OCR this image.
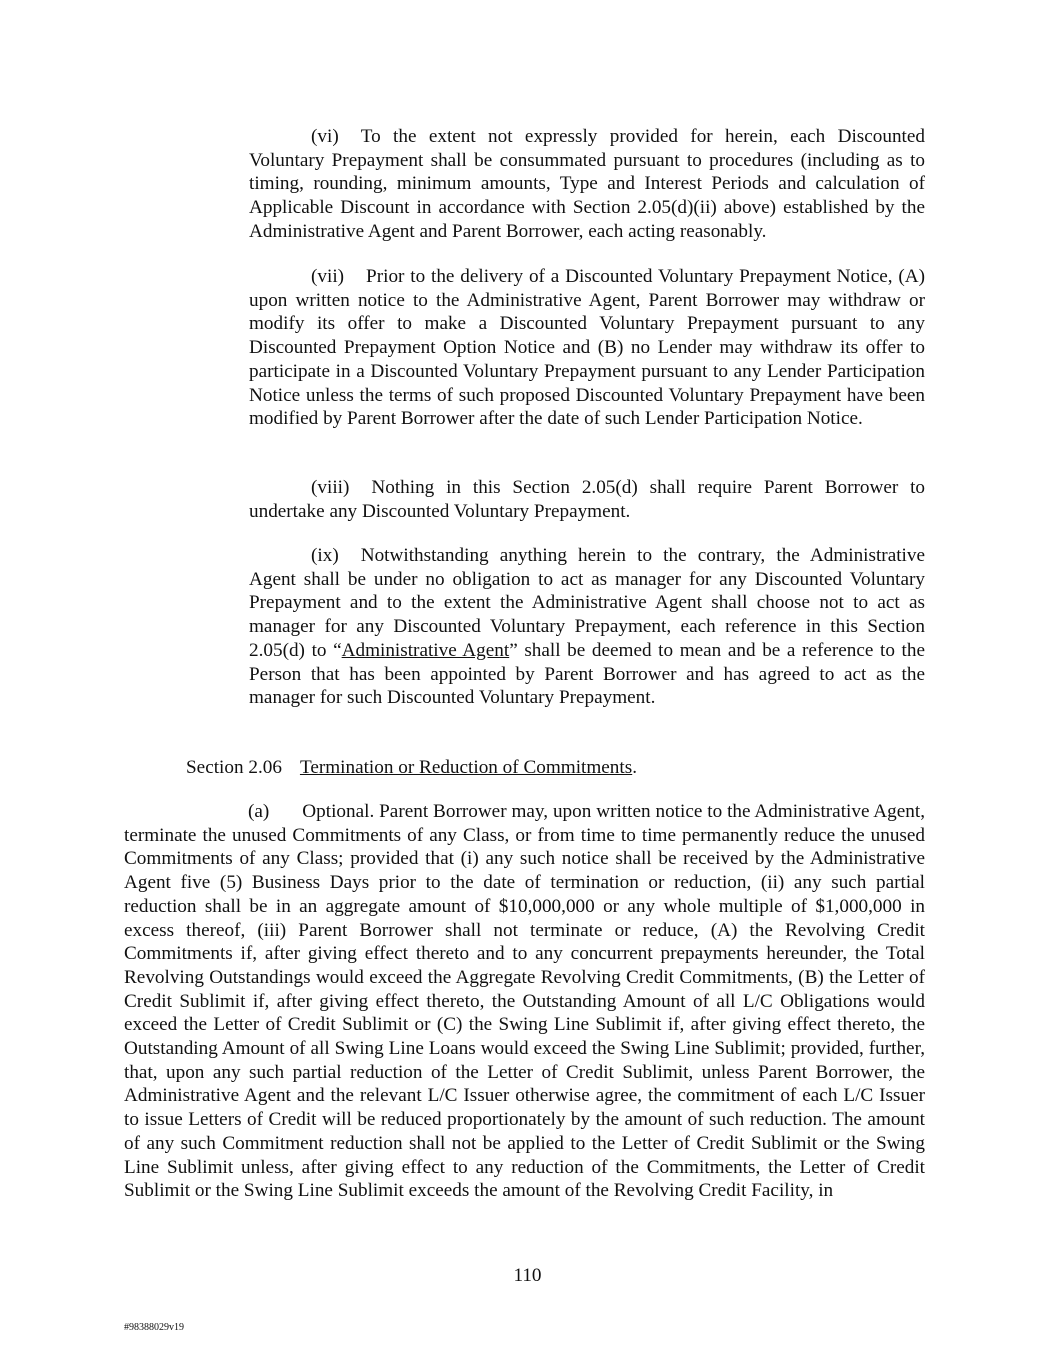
(vi) To the extent not expressly provided for herein, each Discounted Voluntary Prepayment shall be consummated pursuant to procedures (including as to timing, rounding, minimum amounts, Type and Interest Periods and calculation of Applicable Discount in accordance with Section 2.05(d)(ii) above) established by the Administrative Agent and Parent Borrower, each acting reasonably.

(vii) Prior to the delivery of a Discounted Voluntary Prepayment Notice, (A) upon written notice to the Administrative Agent, Parent Borrower may withdraw or modify its offer to make a Discounted Voluntary Prepayment pursuant to any Discounted Prepayment Option Notice and (B) no Lender may withdraw its offer to participate in a Discounted Voluntary Prepayment pursuant to any Lender Participation Notice unless the terms of such proposed Discounted Voluntary Prepayment have been modified by Parent Borrower after the date of such Lender Participation Notice.

(viii) Nothing in this Section 2.05(d) shall require Parent Borrower to undertake any Discounted Voluntary Prepayment.

(ix) Notwithstanding anything herein to the contrary, the Administrative Agent shall be under no obligation to act as manager for any Discounted Voluntary Prepayment and to the extent the Administrative Agent shall choose not to act as manager for any Discounted Voluntary Prepayment, each reference in this Section 2.05(d) to “Administrative Agent” shall be deemed to mean and be a reference to the Person that has been appointed by Parent Borrower and has agreed to act as the manager for such Discounted Voluntary Prepayment.

Section 2.06 Termination or Reduction of Commitments.

(a) Optional. Parent Borrower may, upon written notice to the Administrative Agent, terminate the unused Commitments of any Class, or from time to time permanently reduce the unused Commitments of any Class; provided that (i) any such notice shall be received by the Administrative Agent five (5) Business Days prior to the date of termination or reduction, (ii) any such partial reduction shall be in an aggregate amount of $10,000,000 or any whole multiple of $1,000,000 in excess thereof, (iii) Parent Borrower shall not terminate or reduce, (A) the Revolving Credit Commitments if, after giving effect thereto and to any concurrent prepayments hereunder, the Total Revolving Outstandings would exceed the Aggregate Revolving Credit Commitments, (B) the Letter of Credit Sublimit if, after giving effect thereto, the Outstanding Amount of all L/C Obligations would exceed the Letter of Credit Sublimit or (C) the Swing Line Sublimit if, after giving effect thereto, the Outstanding Amount of all Swing Line Loans would exceed the Swing Line Sublimit; provided, further, that, upon any such partial reduction of the Letter of Credit Sublimit, unless Parent Borrower, the Administrative Agent and the relevant L/C Issuer otherwise agree, the commitment of each L/C Issuer to issue Letters of Credit will be reduced proportionately by the amount of such reduction. The amount of any such Commitment reduction shall not be applied to the Letter of Credit Sublimit or the Swing Line Sublimit unless, after giving effect to any reduction of the Commitments, the Letter of Credit Sublimit or the Swing Line Sublimit exceeds the amount of the Revolving Credit Facility, in

110
#98388029v19
